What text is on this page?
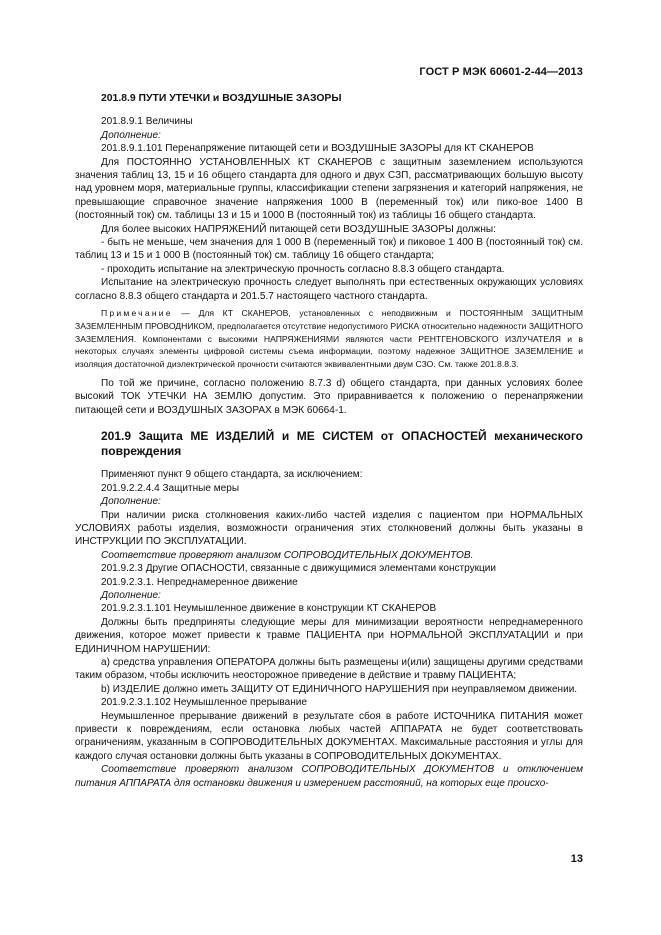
ГОСТ Р МЭК 60601-2-44—2013

201.8.9 ПУТИ УТЕЧКИ и ВОЗДУШНЫЕ ЗАЗОРЫ

201.8.9.1 Величины

Дополнение:

201.8.9.1.101 Перенапряжение питающей сети и ВОЗДУШНЫЕ ЗАЗОРЫ для КТ СКАНЕРОВ

Для ПОСТОЯННО УСТАНОВЛЕННЫХ КТ СКАНЕРОВ с защитным заземлением используются значения таблиц 13, 15 и 16 общего стандарта для одного и двух СЗП, рассматривающих большую высоту над уровнем моря, материальные группы, классификации степени загрязнения и категорий напряжения, не превышающие справочное значение напряжения 1000 В (переменный ток) или пико-вое 1400 В (постоянный ток) см. таблицы 13 и 15 и 1000 В (постоянный ток) из таблицы 16 общего стандарта.

Для более высоких НАПРЯЖЕНИЙ питающей сети ВОЗДУШНЫЕ ЗАЗОРЫ должны:

- быть не меньше, чем значения для 1 000 В (переменный ток) и пиковое 1 400 В (постоянный ток) см. таблиц 13 и 15 и 1 000 В (постоянный ток) см. таблицу 16 общего стандарта;

- проходить испытание на электрическую прочность согласно 8.8.3 общего стандарта.

Испытание на электрическую прочность следует выполнять при естественных окружающих условиях согласно 8.8.3 общего стандарта и 201.5.7 настоящего частного стандарта.

Примечание — Для КТ СКАНЕРОВ, установленных с неподвижным и ПОСТОЯННЫМ ЗАЩИТНЫМ ЗАЗЕМЛЕННЫМ ПРОВОДНИКОМ, предполагается отсутствие недопустимого РИСКА относительно надежности ЗАЩИТНОГО ЗАЗЕМЛЕНИЯ. Компонентами с высокими НАПРЯЖЕНИЯМИ являются части РЕНТГЕНОВСКОГО ИЗЛУЧАТЕЛЯ и в некоторых случаях элементы цифровой системы съема информации, поэтому надежное ЗАЩИТНОЕ ЗАЗЕМЛЕНИЕ и изоляция достаточной диэлектрической прочности считаются эквивалентными двум СЗО. См. также 201.8.8.3.

По той же причине, согласно положению 8.7.3 d) общего стандарта, при данных условиях более высокий ТОК УТЕЧКИ НА ЗЕМЛЮ допустим. Это приравнивается к положению о перенапряжении питающей сети и ВОЗДУШНЫХ ЗАЗОРАХ в МЭК 60664-1.

201.9 Защита МЕ ИЗДЕЛИЙ и МЕ СИСТЕМ от ОПАСНОСТЕЙ механического повреждения

Применяют пункт 9 общего стандарта, за исключением:

201.9.2.2.4.4 Защитные меры

Дополнение:

При наличии риска столкновения каких-либо частей изделия с пациентом при НОРМАЛЬНЫХ УСЛОВИЯХ работы изделия, возможности ограничения этих столкновений должны быть указаны в ИНСТРУКЦИИ ПО ЭКСПЛУАТАЦИИ.

Соответствие проверяют анализом СОПРОВОДИТЕЛЬНЫХ ДОКУМЕНТОВ.

201.9.2.3 Другие ОПАСНОСТИ, связанные с движущимися элементами конструкции

201.9.2.3.1. Непреднамеренное движение

Дополнение:

201.9.2.3.1.101 Неумышленное движение в конструкции КТ СКАНЕРОВ

Должны быть предприняты следующие меры для минимизации вероятности непреднамеренного движения, которое может привести к травме ПАЦИЕНТА при НОРМАЛЬНОЙ ЭКСПЛУАТАЦИИ и при ЕДИНИЧНОМ НАРУШЕНИИ:

а) средства управления ОПЕРАТОРА должны быть размещены и(или) защищены другими средствами таким образом, чтобы исключить неосторожное приведение в действие и травму ПАЦИЕНТА;

b) ИЗДЕЛИЕ должно иметь ЗАЩИТУ ОТ ЕДИНИЧНОГО НАРУШЕНИЯ при неуправляемом движении.

201.9.2.3.1.102 Неумышленное прерывание

Неумышленное прерывание движений в результате сбоя в работе ИСТОЧНИКА ПИТАНИЯ может привести к повреждениям, если остановка любых частей АППАРАТА не будет соответствовать ограничениям, указанным в СОПРОВОДИТЕЛЬНЫХ ДОКУМЕНТАХ. Максимальные расстояния и углы для каждого случая остановки должны быть указаны в СОПРОВОДИТЕЛЬНЫХ ДОКУМЕНТАХ.

Соответствие проверяют анализом СОПРОВОДИТЕЛЬНЫХ ДОКУМЕНТОВ и отключением питания АППАРАТА для остановки движения и измерением расстояний, на которых еще происхо-

13
